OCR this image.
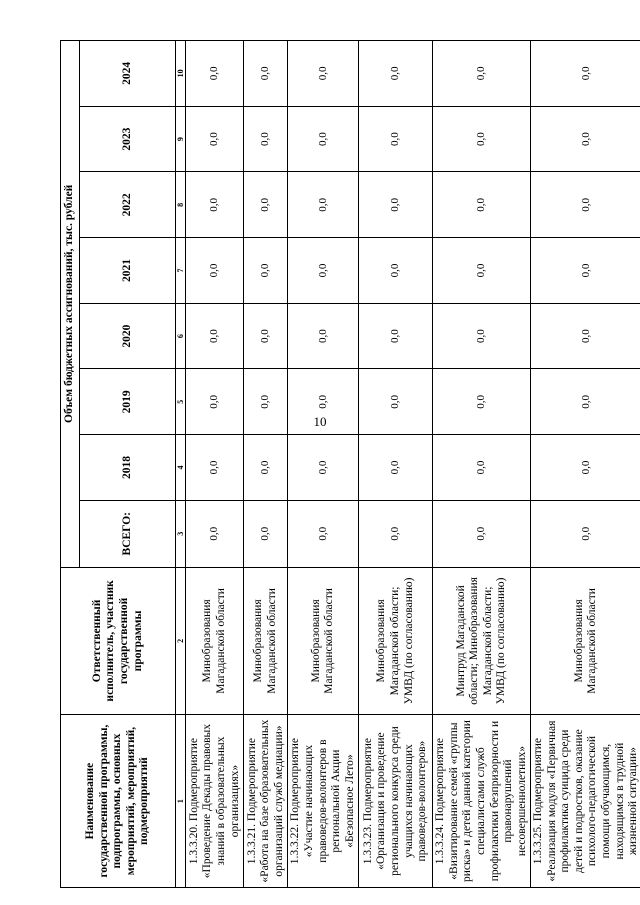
10
Наименование государственной программы, подпрограммы, основных мероприятий, мероприятий, подмероприятий	Ответственный исполнитель, участник государственной программы	Объем бюджетных ассигнований, тыс. рублей							
		ВСЕГО:	2018	2019	2020	2021	2022	2023	2024
1	2	3	4	5	6	7	8	9	10
1.3.3.20. Подмероприятие «Проведение Декады правовых знаний в образовательных организациях»	Минобразования Магаданской области	0,0	0,0	0,0	0,0	0,0	0,0	0,0	0,0
1.3.3.21. Подмероприятие «Работа на базе образовательных организаций служб медиации»	Минобразования Магаданской области	0,0	0,0	0,0	0,0	0,0	0,0	0,0	0,0
1.3.3.22. Подмероприятие «Участие начинающих правоведов-волонтеров в региональной Акции «Безопасное Лето»	Минобразования Магаданской области	0,0	0,0	0,0	0,0	0,0	0,0	0,0	0,0
1.3.3.23. Подмероприятие «Организация и проведение регионального конкурса среди учащихся начинающих правоведов-волонтеров»	Минобразования Магаданской области; УМВД (по согласованию)	0,0	0,0	0,0	0,0	0,0	0,0	0,0	0,0
1.3.3.24. Подмероприятие «Визитирование семей «группы риска» и детей данной категории специалистами служб профилактики безпризорности и правонарушений несовершеннолетних»	Минтруд Магаданской области; Минобразования Магаданской области; УМВД (по согласованию)	0,0	0,0	0,0	0,0	0,0	0,0	0,0	0,0
1.3.3.25. Подмероприятие «Реализация модуля «Первичная профилактика суицида среди детей и подростков, оказание психолого-педагогической помощи обучающимся, находящимся в трудной жизненной ситуации»	Минобразования Магаданской области	0,0	0,0	0,0	0,0	0,0	0,0	0,0	0,0
